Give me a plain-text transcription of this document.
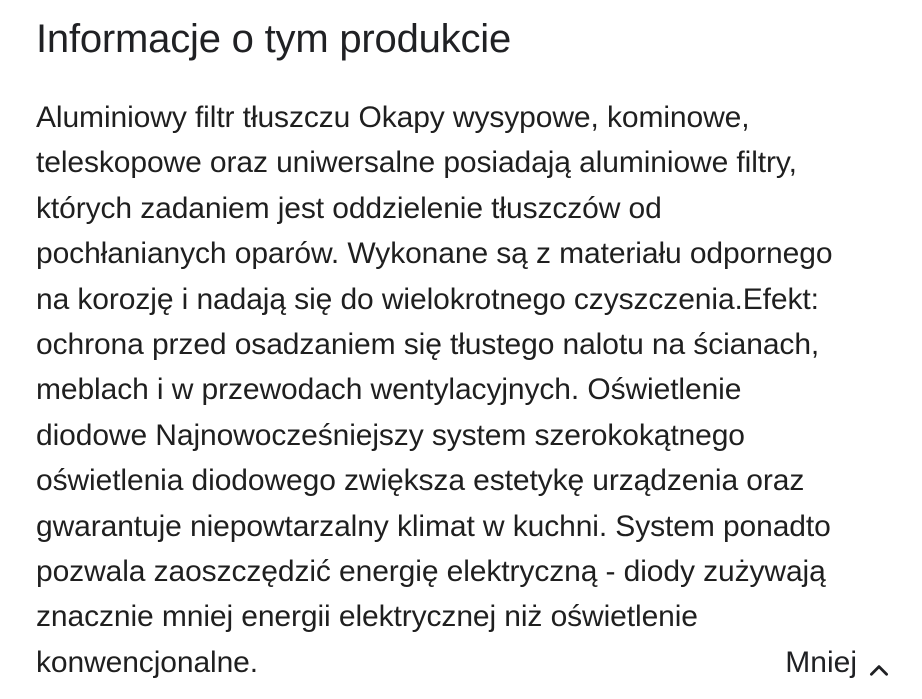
Informacje o tym produkcie
Aluminiowy filtr tłuszczu Okapy wysypowe, kominowe,
teleskopowe oraz uniwersalne posiadają aluminiowe filtry,
których zadaniem jest oddzielenie tłuszczów od
pochłanianych oparów. Wykonane są z materiału odpornego
na korozję i nadają się do wielokrotnego czyszczenia.Efekt:
ochrona przed osadzaniem się tłustego nalotu na ścianach,
meblach i w przewodach wentylacyjnych. Oświetlenie
diodowe Najnowocześniejszy system szerokokątnego
oświetlenia diodowego zwiększa estetykę urządzenia oraz
gwarantuje niepowtarzalny klimat w kuchni. System ponadto
pozwala zaoszczędzić energię elektryczną - diody zużywają
znacznie mniej energii elektrycznej niż oświetlenie
konwencjonalne.	Mniej
